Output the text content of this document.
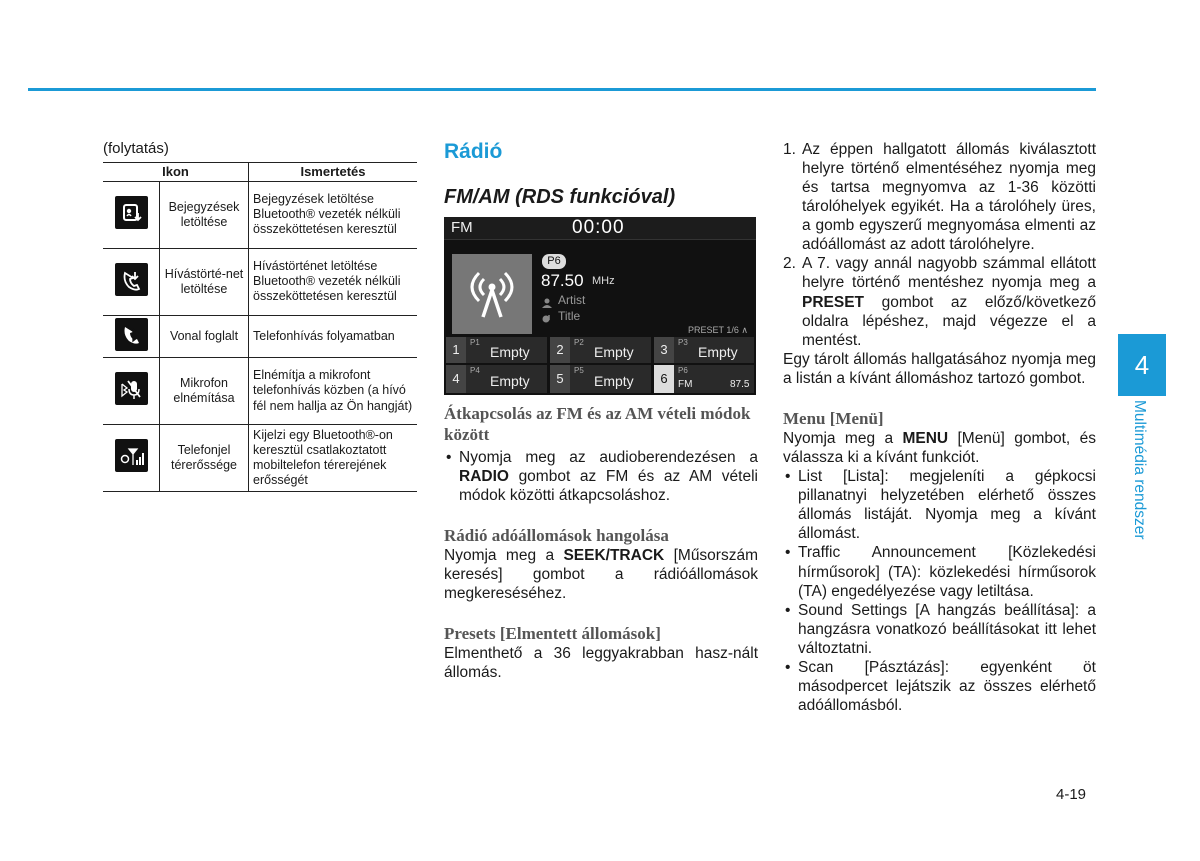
(folytatás)
Ikon		Ismertetés

	Bejegyzések letöltése	Bejegyzések letöltése Bluetooth® vezeték nélküli összeköttetésen keresztül

	Hívástörté-net letöltése	Hívástörténet letöltése Bluetooth® vezeték nélküli összeköttetésen keresztül

	Vonal foglalt	Telefonhívás folyamatban

	Mikrofon elnémítása	Elnémítja a mikrofont telefonhívás közben (a hívó fél nem hallja az Ön hangját)

	Telefonjel térerőssége	Kijelzi egy Bluetooth®-on keresztül csatlakoztatott mobiltelefon térerejének erősségét
Rádió
FM/AM (RDS funkcióval)
FM	00:00
P6
87.50 MHz
Artist
Title
PRESET 1/6 ∧
1	P1
Empty	2	P2
Empty	3	P3
Empty
4
P4
Empty	5
P5
Empty	6
P6
FM	87.5
Átkapcsolás az FM és az AM vételi módok között
• Nyomja meg az audioberendezésen a RADIO gombot az FM és az AM vételi módok közötti átkapcsoláshoz.
Rádió adóállomások hangolása

Nyomja meg a SEEK/TRACK [Műsorszám keresés] gombot a rádióállomások megkereséséhez.

Presets [Elmentett állomások]

Elmenthető a 36 leggyakrabban hasz-nált állomás.

1. Az éppen hallgatott állomás kiválasztott helyre történő elmentéséhez nyomja meg és tartsa megnyomva az 1-36 közötti tárolóhelyek egyikét. Ha a tárolóhely üres, a gomb egyszerű megnyomása elmenti az adóállomást az adott tárolóhelyre.
2. A 7. vagy annál nagyobb számmal ellátott helyre történő mentéshez nyomja meg a PRESET gombot az előző/következő oldalra lépéshez, majd végezze el a mentést.

Egy tárolt állomás hallgatásához nyomja meg a listán a kívánt állomáshoz tartozó gombot.

Menu [Menü]

Nyomja meg a MENU [Menü] gombot, és válassza ki a kívánt funkciót.

• List [Lista]: megjeleníti a gépkocsi pillanatnyi helyzetében elérhető összes állomás listáját. Nyomja meg a kívánt állomást.
• Traffic Announcement [Közlekedési hírműsorok] (TA): közlekedési hírműsorok (TA) engedélyezése vagy letiltása.
• Sound Settings [A hangzás beállítása]: a hangzásra vonatkozó beállításokat itt lehet változtatni.
• Scan [Pásztázás]: egyenként öt másodpercet lejátszik az összes elérhető adóállomásból.
4
Multimédia rendszer
4-19
